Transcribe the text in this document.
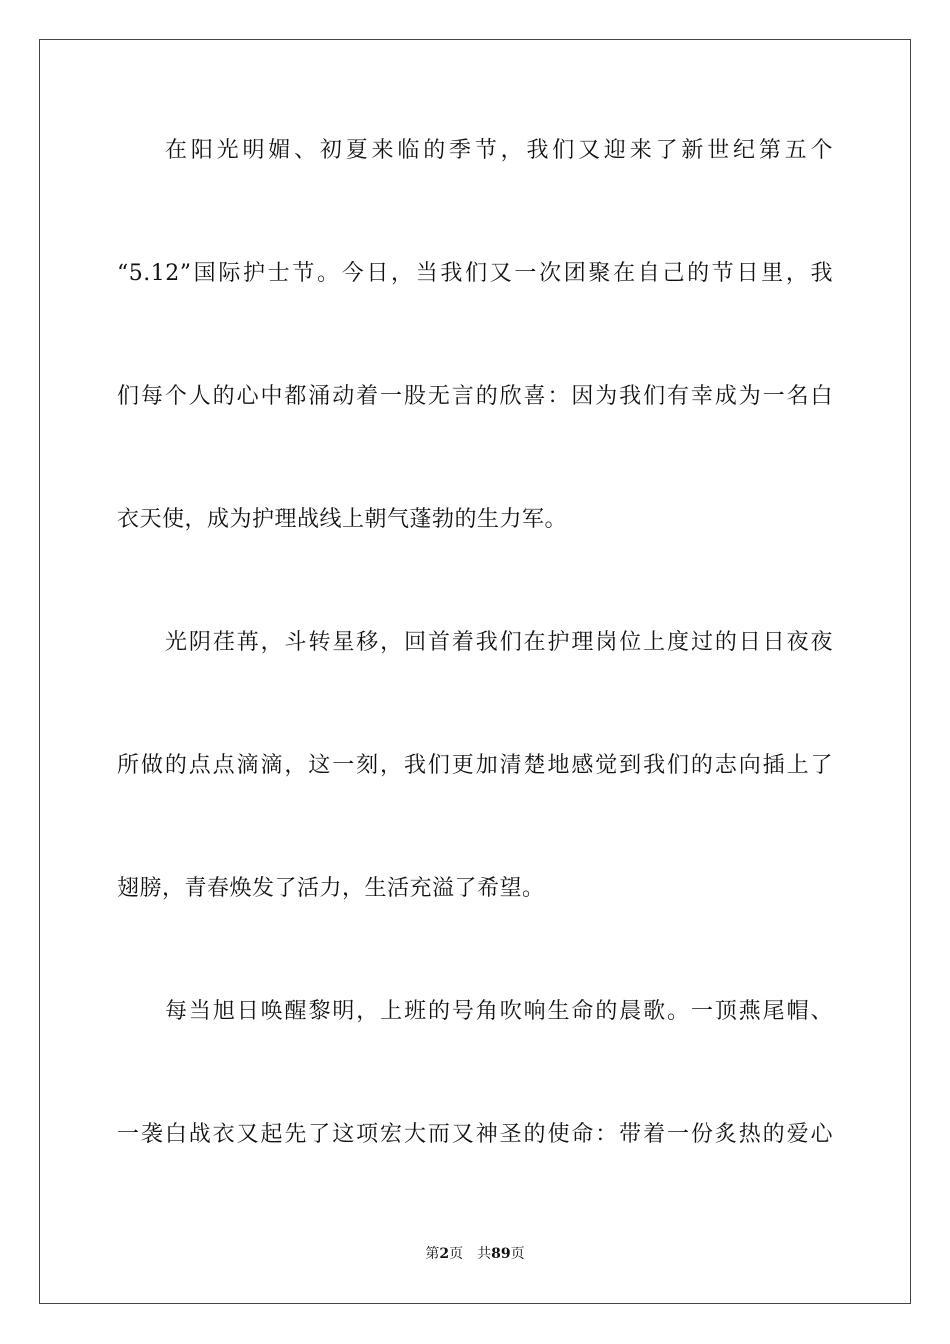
在阳光明媚、初夏来临的季节，我们又迎来了新世纪第五个
“5.12”国际护士节。今日，当我们又一次团聚在自己的节日里，我
们每个人的心中都涌动着一股无言的欣喜：因为我们有幸成为一名白
衣天使，成为护理战线上朝气蓬勃的生力军。
光阴荏苒，斗转星移，回首着我们在护理岗位上度过的日日夜夜
所做的点点滴滴，这一刻，我们更加清楚地感觉到我们的志向插上了
翅膀，青春焕发了活力，生活充溢了希望。
每当旭日唤醒黎明，上班的号角吹响生命的晨歌。一顶燕尾帽、
一袭白战衣又起先了这项宏大而又神圣的使命：带着一份炙热的爱心
第2页 共89页
